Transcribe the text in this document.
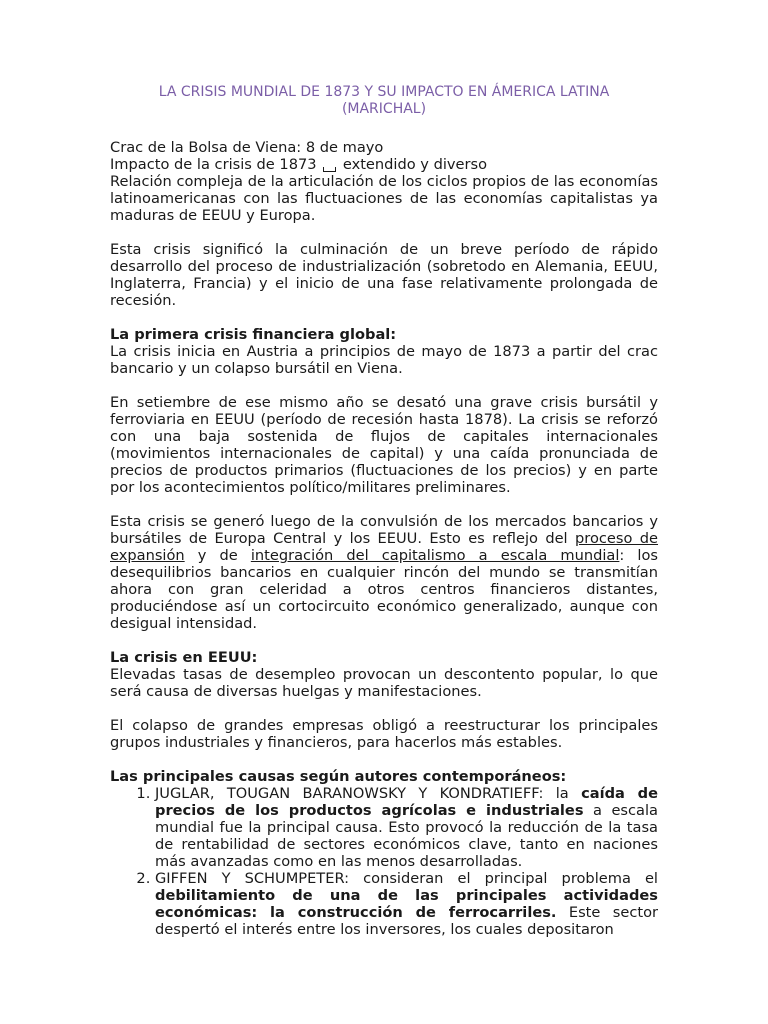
LA CRISIS MUNDIAL DE 1873 Y SU IMPACTO EN ÁMERICA LATINA
(MARICHAL)

Crac de la Bolsa de Viena: 8 de mayo

Impacto de la crisis de 1873 extendido y diverso

Relación compleja de la articulación de los ciclos propios de las economías latinoamericanas con las fluctuaciones de las economías capitalistas ya maduras de EEUU y Europa.

Esta crisis significó la culminación de un breve período de rápido desarrollo del proceso de industrialización (sobretodo en Alemania, EEUU, Inglaterra, Francia) y el inicio de una fase relativamente prolongada de recesión.

La primera crisis financiera global:

La crisis inicia en Austria a principios de mayo de 1873 a partir del crac bancario y un colapso bursátil en Viena.

En setiembre de ese mismo año se desató una grave crisis bursátil y ferroviaria en EEUU (período de recesión hasta 1878). La crisis se reforzó con una baja sostenida de flujos de capitales internacionales (movimientos internacionales de capital) y una caída pronunciada de precios de productos primarios (fluctuaciones de los precios) y en parte por los acontecimientos político/militares preliminares.

Esta crisis se generó luego de la convulsión de los mercados bancarios y bursátiles de Europa Central y los EEUU. Esto es reflejo del proceso de expansión y de integración del capitalismo a escala mundial: los desequilibrios bancarios en cualquier rincón del mundo se transmitían ahora con gran celeridad a otros centros financieros distantes, produciéndose así un cortocircuito económico generalizado, aunque con desigual intensidad.

La crisis en EEUU:

Elevadas tasas de desempleo provocan un descontento popular, lo que será causa de diversas huelgas y manifestaciones.

El colapso de grandes empresas obligó a reestructurar los principales grupos industriales y financieros, para hacerlos más estables.

Las principales causas según autores contemporáneos:

1. JUGLAR, TOUGAN BARANOWSKY Y KONDRATIEFF: la caída de precios de los productos agrícolas e industriales a escala mundial fue la principal causa. Esto provocó la reducción de la tasa de rentabilidad de sectores económicos clave, tanto en naciones más avanzadas como en las menos desarrolladas.
2. GIFFEN Y SCHUMPETER: consideran el principal problema el debilitamiento de una de las principales actividades económicas: la construcción de ferrocarriles. Este sector despertó el interés entre los inversores, los cuales depositaron
